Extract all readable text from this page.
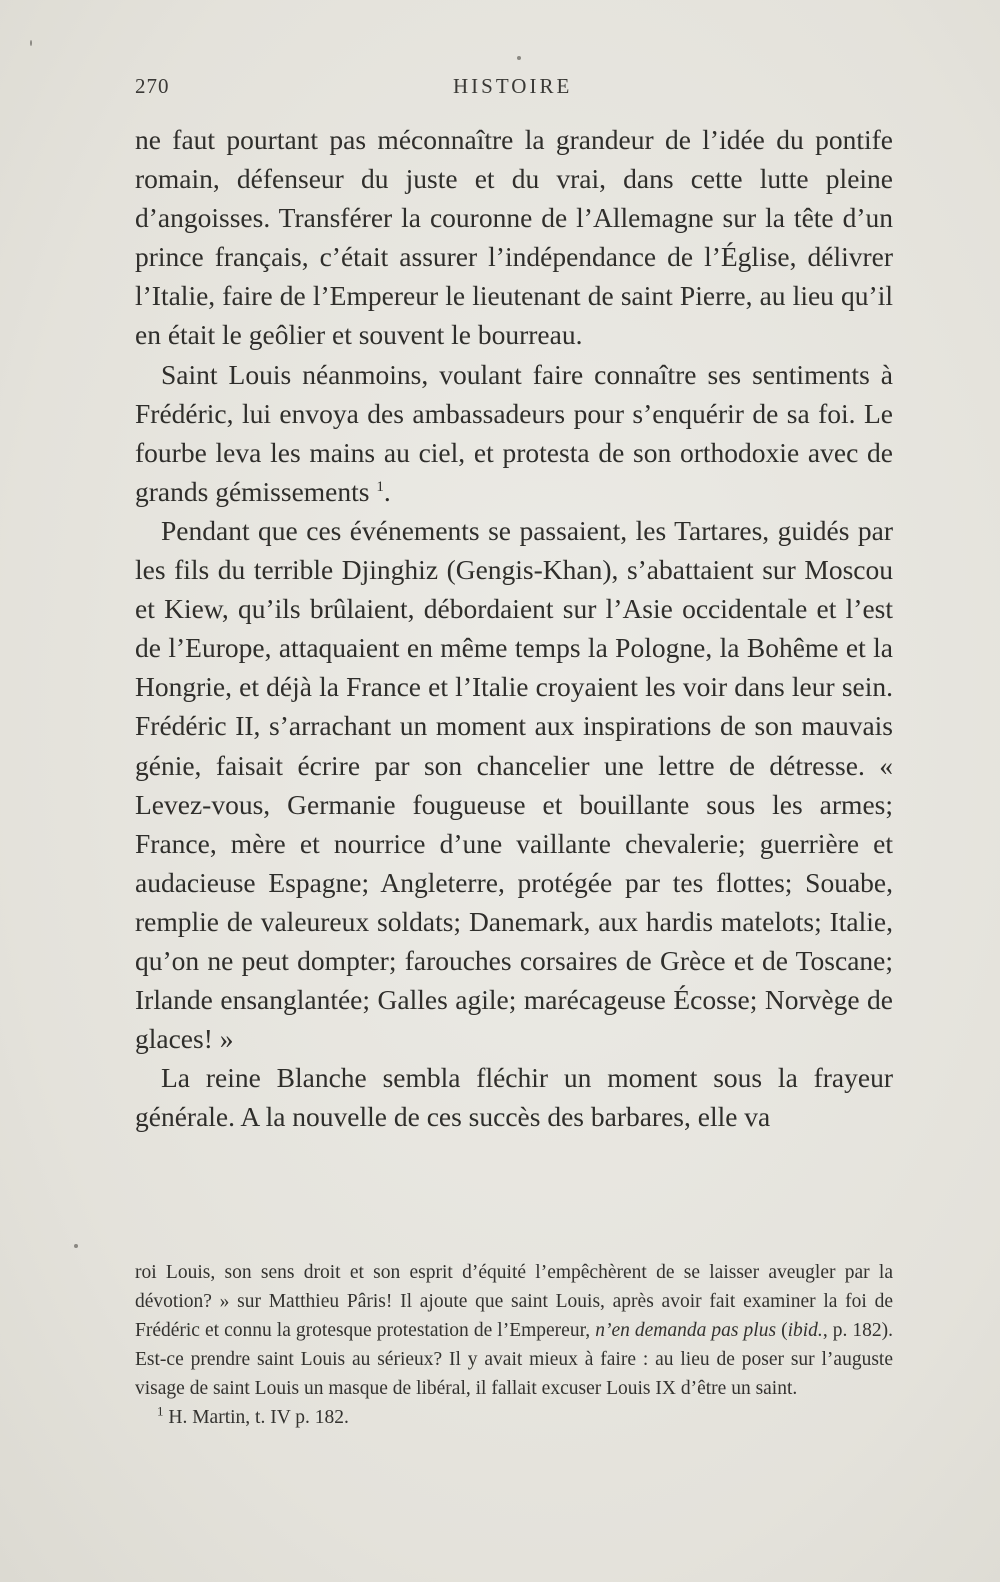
270	HISTOIRE

ne faut pourtant pas méconnaître la grandeur de l’idée du pontife romain, défenseur du juste et du vrai, dans cette lutte pleine d’angoisses. Transférer la couronne de l’Allemagne sur la tête d’un prince français, c’était assurer l’indépendance de l’Église, délivrer l’Italie, faire de l’Empereur le lieutenant de saint Pierre, au lieu qu’il en était le geôlier et souvent le bourreau.

Saint Louis néanmoins, voulant faire connaître ses sentiments à Frédéric, lui envoya des ambassadeurs pour s’enquérir de sa foi. Le fourbe leva les mains au ciel, et protesta de son orthodoxie avec de grands gémissements $^1$.

Pendant que ces événements se passaient, les Tartares, guidés par les fils du terrible Djinghiz (Gengis-Khan), s’abattaient sur Moscou et Kiew, qu’ils brûlaient, débordaient sur l’Asie occidentale et l’est de l’Europe, attaquaient en même temps la Pologne, la Bohême et la Hongrie, et déjà la France et l’Italie croyaient les voir dans leur sein. Frédéric II, s’arrachant un moment aux inspirations de son mauvais génie, faisait écrire par son chancelier une lettre de détresse. « Levez-vous, Germanie fougueuse et bouillante sous les armes; France, mère et nourrice d’une vaillante chevalerie; guerrière et audacieuse Espagne; Angleterre, protégée par tes flottes; Souabe, remplie de valeureux soldats; Danemark, aux hardis matelots; Italie, qu’on ne peut dompter; farouches corsaires de Grèce et de Toscane; Irlande ensanglantée; Galles agile; marécageuse Écosse; Norvège de glaces! »

La reine Blanche sembla fléchir un moment sous la frayeur générale. A la nouvelle de ces succès des barbares, elle va

roi Louis, son sens droit et son esprit d’équité l’empêchèrent de se laisser aveugler par la dévotion? » sur Matthieu Pâris! Il ajoute que saint Louis, après avoir fait examiner la foi de Frédéric et connu la grotesque protestation de l’Empereur, n’en demanda pas plus (ibid., p. 182). Est-ce prendre saint Louis au sérieux? Il y avait mieux à faire : au lieu de poser sur l’auguste visage de saint Louis un masque de libéral, il fallait excuser Louis IX d’être un saint.

$^1$ H. Martin, t. IV p. 182.
